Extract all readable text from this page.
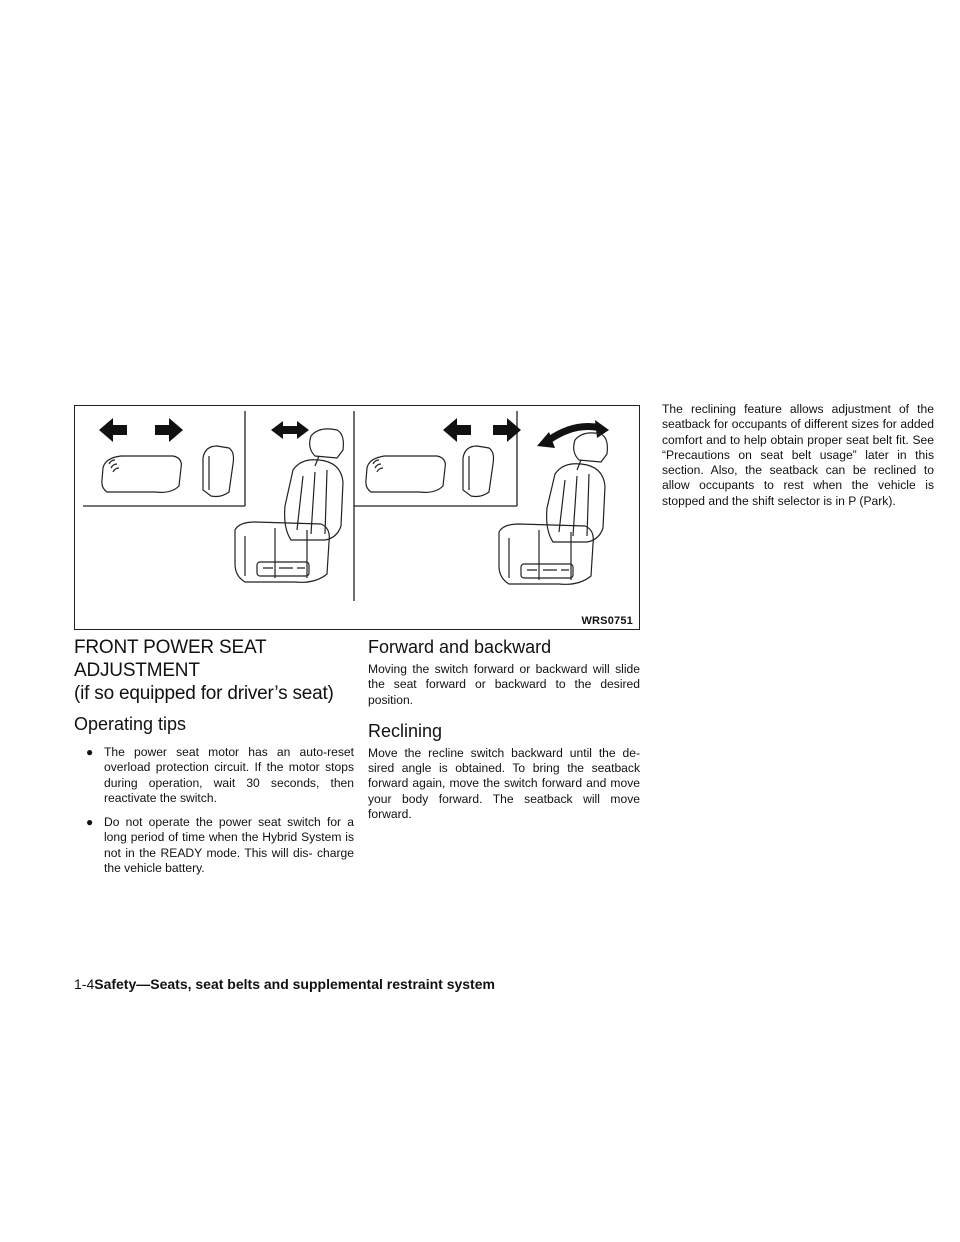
WRS0751
FRONT POWER SEAT ADJUSTMENT
(if so equipped for driver’s seat)
Operating tips
● The power seat motor has an auto-reset overload protection circuit. If the motor stops during operation, wait 30 seconds, then reactivate the switch.
● Do not operate the power seat switch for a long period of time when the Hybrid System is not in the READY mode. This will dis- charge the vehicle battery.
Forward and backward

Moving the switch forward or backward will slide the seat forward or backward to the desired position.

Reclining

Move the recline switch backward until the de- sired angle is obtained. To bring the seatback forward again, move the switch forward and move your body forward. The seatback will move forward.

The reclining feature allows adjustment of the seatback for occupants of different sizes for added comfort and to help obtain proper seat belt fit. See “Precautions on seat belt usage” later in this section. Also, the seatback can be reclined to allow occupants to rest when the vehicle is stopped and the shift selector is in P (Park).

1-4Safety—Seats, seat belts and supplemental restraint system
